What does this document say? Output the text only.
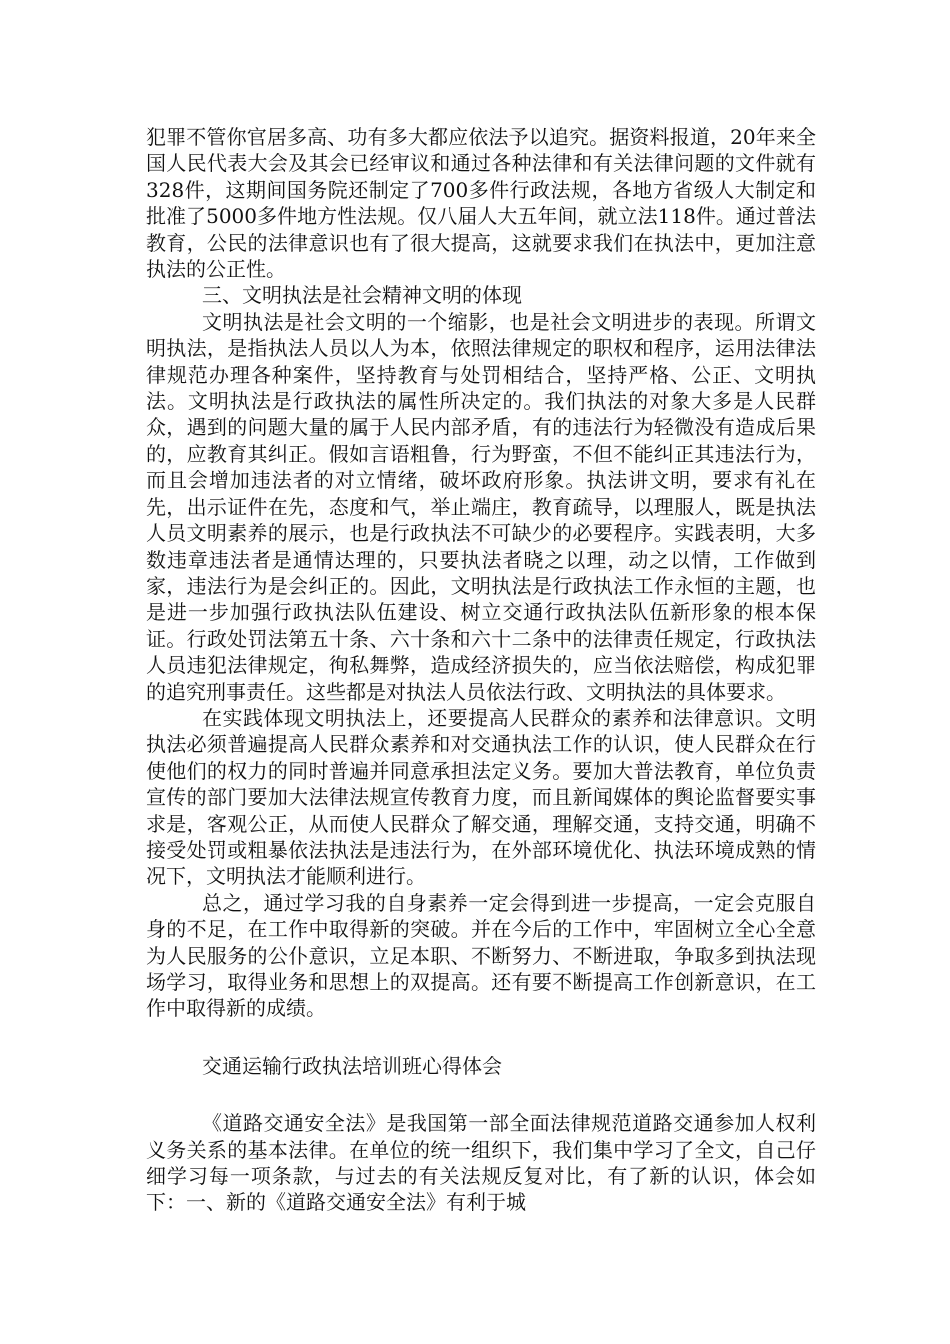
犯罪不管你官居多高、功有多大都应依法予以追究。据资料报道，20年来全国人民代表大会及其会已经审议和通过各种法律和有关法律问题的文件就有328件，这期间国务院还制定了700多件行政法规，各地方省级人大制定和批准了5000多件地方性法规。仅八届人大五年间，就立法118件。通过普法教育，公民的法律意识也有了很大提高，这就要求我们在执法中，更加注意执法的公正性。

三、文明执法是社会精神文明的体现

文明执法是社会文明的一个缩影，也是社会文明进步的表现。所谓文明执法，是指执法人员以人为本，依照法律规定的职权和程序，运用法律法律规范办理各种案件，坚持教育与处罚相结合，坚持严格、公正、文明执法。文明执法是行政执法的属性所决定的。我们执法的对象大多是人民群众，遇到的问题大量的属于人民内部矛盾，有的违法行为轻微没有造成后果的，应教育其纠正。假如言语粗鲁，行为野蛮，不但不能纠正其违法行为，而且会增加违法者的对立情绪，破坏政府形象。执法讲文明，要求有礼在先，出示证件在先，态度和气，举止端庄，教育疏导，以理服人，既是执法人员文明素养的展示，也是行政执法不可缺少的必要程序。实践表明，大多数违章违法者是通情达理的，只要执法者晓之以理，动之以情，工作做到家，违法行为是会纠正的。因此，文明执法是行政执法工作永恒的主题，也是进一步加强行政执法队伍建设、树立交通行政执法队伍新形象的根本保证。行政处罚法第五十条、六十条和六十二条中的法律责任规定，行政执法人员违犯法律规定，徇私舞弊，造成经济损失的，应当依法赔偿，构成犯罪的追究刑事责任。这些都是对执法人员依法行政、文明执法的具体要求。

在实践体现文明执法上，还要提高人民群众的素养和法律意识。文明执法必须普遍提高人民群众素养和对交通执法工作的认识，使人民群众在行使他们的权力的同时普遍并同意承担法定义务。要加大普法教育，单位负责宣传的部门要加大法律法规宣传教育力度，而且新闻媒体的舆论监督要实事求是，客观公正，从而使人民群众了解交通，理解交通，支持交通，明确不接受处罚或粗暴依法执法是违法行为，在外部环境优化、执法环境成熟的情况下，文明执法才能顺利进行。

总之，通过学习我的自身素养一定会得到进一步提高，一定会克服自身的不足，在工作中取得新的突破。并在今后的工作中，牢固树立全心全意为人民服务的公仆意识，立足本职、不断努力、不断进取，争取多到执法现场学习，取得业务和思想上的双提高。还有要不断提高工作创新意识，在工作中取得新的成绩。

交通运输行政执法培训班心得体会

《道路交通安全法》是我国第一部全面法律规范道路交通参加人权利义务关系的基本法律。在单位的统一组织下，我们集中学习了全文，自己仔细学习每一项条款，与过去的有关法规反复对比，有了新的认识，体会如下：一、新的《道路交通安全法》有利于城
